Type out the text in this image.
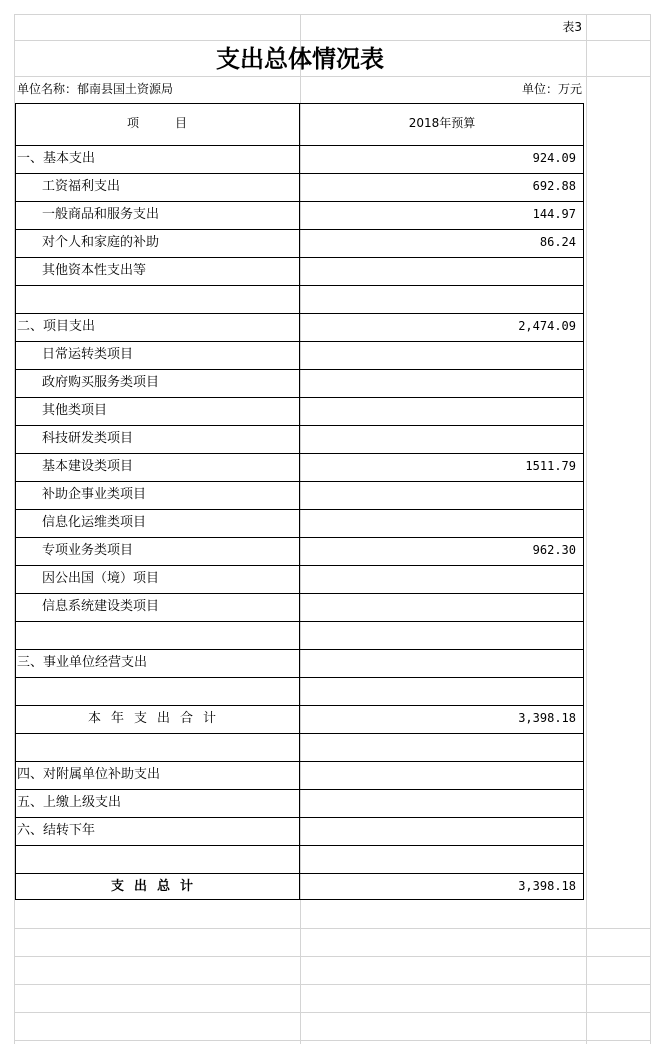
表3
支出总体情况表
单位名称：郁南县国土资源局	单位：万元
项　　　目	2018年预算
一、基本支出	924.09
工资福利支出	692.88
一般商品和服务支出	144.97
对个人和家庭的补助	86.24
其他资本性支出等
二、项目支出	2,474.09
日常运转类项目
政府购买服务类项目
其他类项目
科技研发类项目
基本建设类项目	1511.79
补助企事业类项目
信息化运维类项目
专项业务类项目	962.30
因公出国（境）项目
信息系统建设类项目
三、事业单位经营支出
本年支出合计	3,398.18
四、对附属单位补助支出
五、上缴上级支出
六、结转下年
支出总计	3,398.18
